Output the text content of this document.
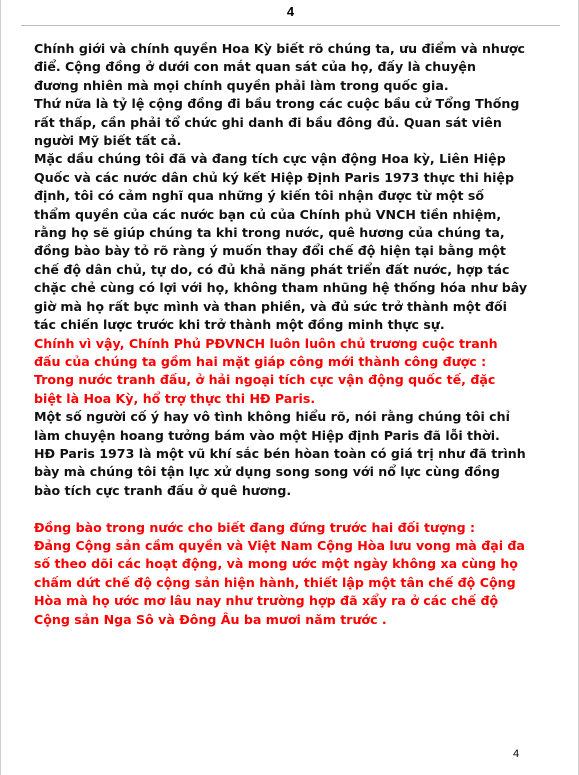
4
Chính giới và chính quyền Hoa Kỳ biết rõ chúng ta, ưu điểm và nhược
điể. Cộng đồng ở dưới con mắt quan sát của họ, đấy là chuyện
đương nhiên mà mọi chính quyền phải làm trong quốc gia.
Thứ nữa là tỷ lệ cộng đồng đi bầu trong các cuộc bầu cử Tổng Thống
rất thấp, cần phải tổ chức ghi danh đi bầu đông đủ. Quan sát viên
người Mỹ biết tất cả.
Mặc dầu chúng tôi đã và đang tích cực vận động Hoa kỳ, Liên Hiệp
Quốc và các nước dân chủ ký kết Hiệp Định Paris 1973 thực thi hiệp
định, tôi có cảm nghĩ qua những ý kiến tôi nhận được từ một số
thẩm quyền của các nước bạn củ của Chính phủ VNCH tiền nhiệm,
rằng họ sẽ giúp chúng ta khi trong nước, quê hương của chúng ta,
đồng bào bày tỏ rõ ràng ý muốn thay đổi chế độ hiện tại bằng một
chế độ dân chủ, tự do, có đủ khả năng phát triển đất nước, hợp tác
chặc chẻ cùng có lợi với họ, không tham nhũng hệ thống hóa như bây
giờ mà họ rất bực mình và than phiền, và đủ sức trở thành một đối
tác chiến lược trước khi trở thành một đồng minh thực sự.
Chính vì vậy, Chính Phủ PĐVNCH luôn luôn chủ trương cuộc tranh
đấu của chúng ta gồm hai mặt giáp công mới thành công được :
Trong nước tranh đấu, ở hải ngoại tích cực vận động quốc tế, đặc
biệt là Hoa Kỳ, hổ trợ thực thi HĐ Paris.
Một số người cố ý hay vô tình không hiểu rõ, nói rằng chúng tôi chỉ
làm chuyện hoang tưởng bám vào một Hiệp định Paris đã lỗi thời.
HĐ Paris 1973 là một vũ khí sắc bén hòan toàn có giá trị như đã trình
bày mà chúng tôi tận lực xử dụng song song với nổ lực cùng đồng
bào tích cực tranh đấu ở quê hương.
Đồng bào trong nước cho biết đang đứng trước hai đối tượng :
Đảng Cộng sản cầm quyền và Việt Nam Cộng Hòa lưu vong mà đại đa
số theo dõi các hoạt động, và mong ước một ngày không xa cùng họ
chấm dứt chế độ cộng sản hiện hành, thiết lập một tân chế độ Cộng
Hòa mà họ ước mơ lâu nay như trường hợp đã xẩy ra ở các chế độ
Cộng sản Nga Sô và Đông Âu ba mươi năm trước .
4
